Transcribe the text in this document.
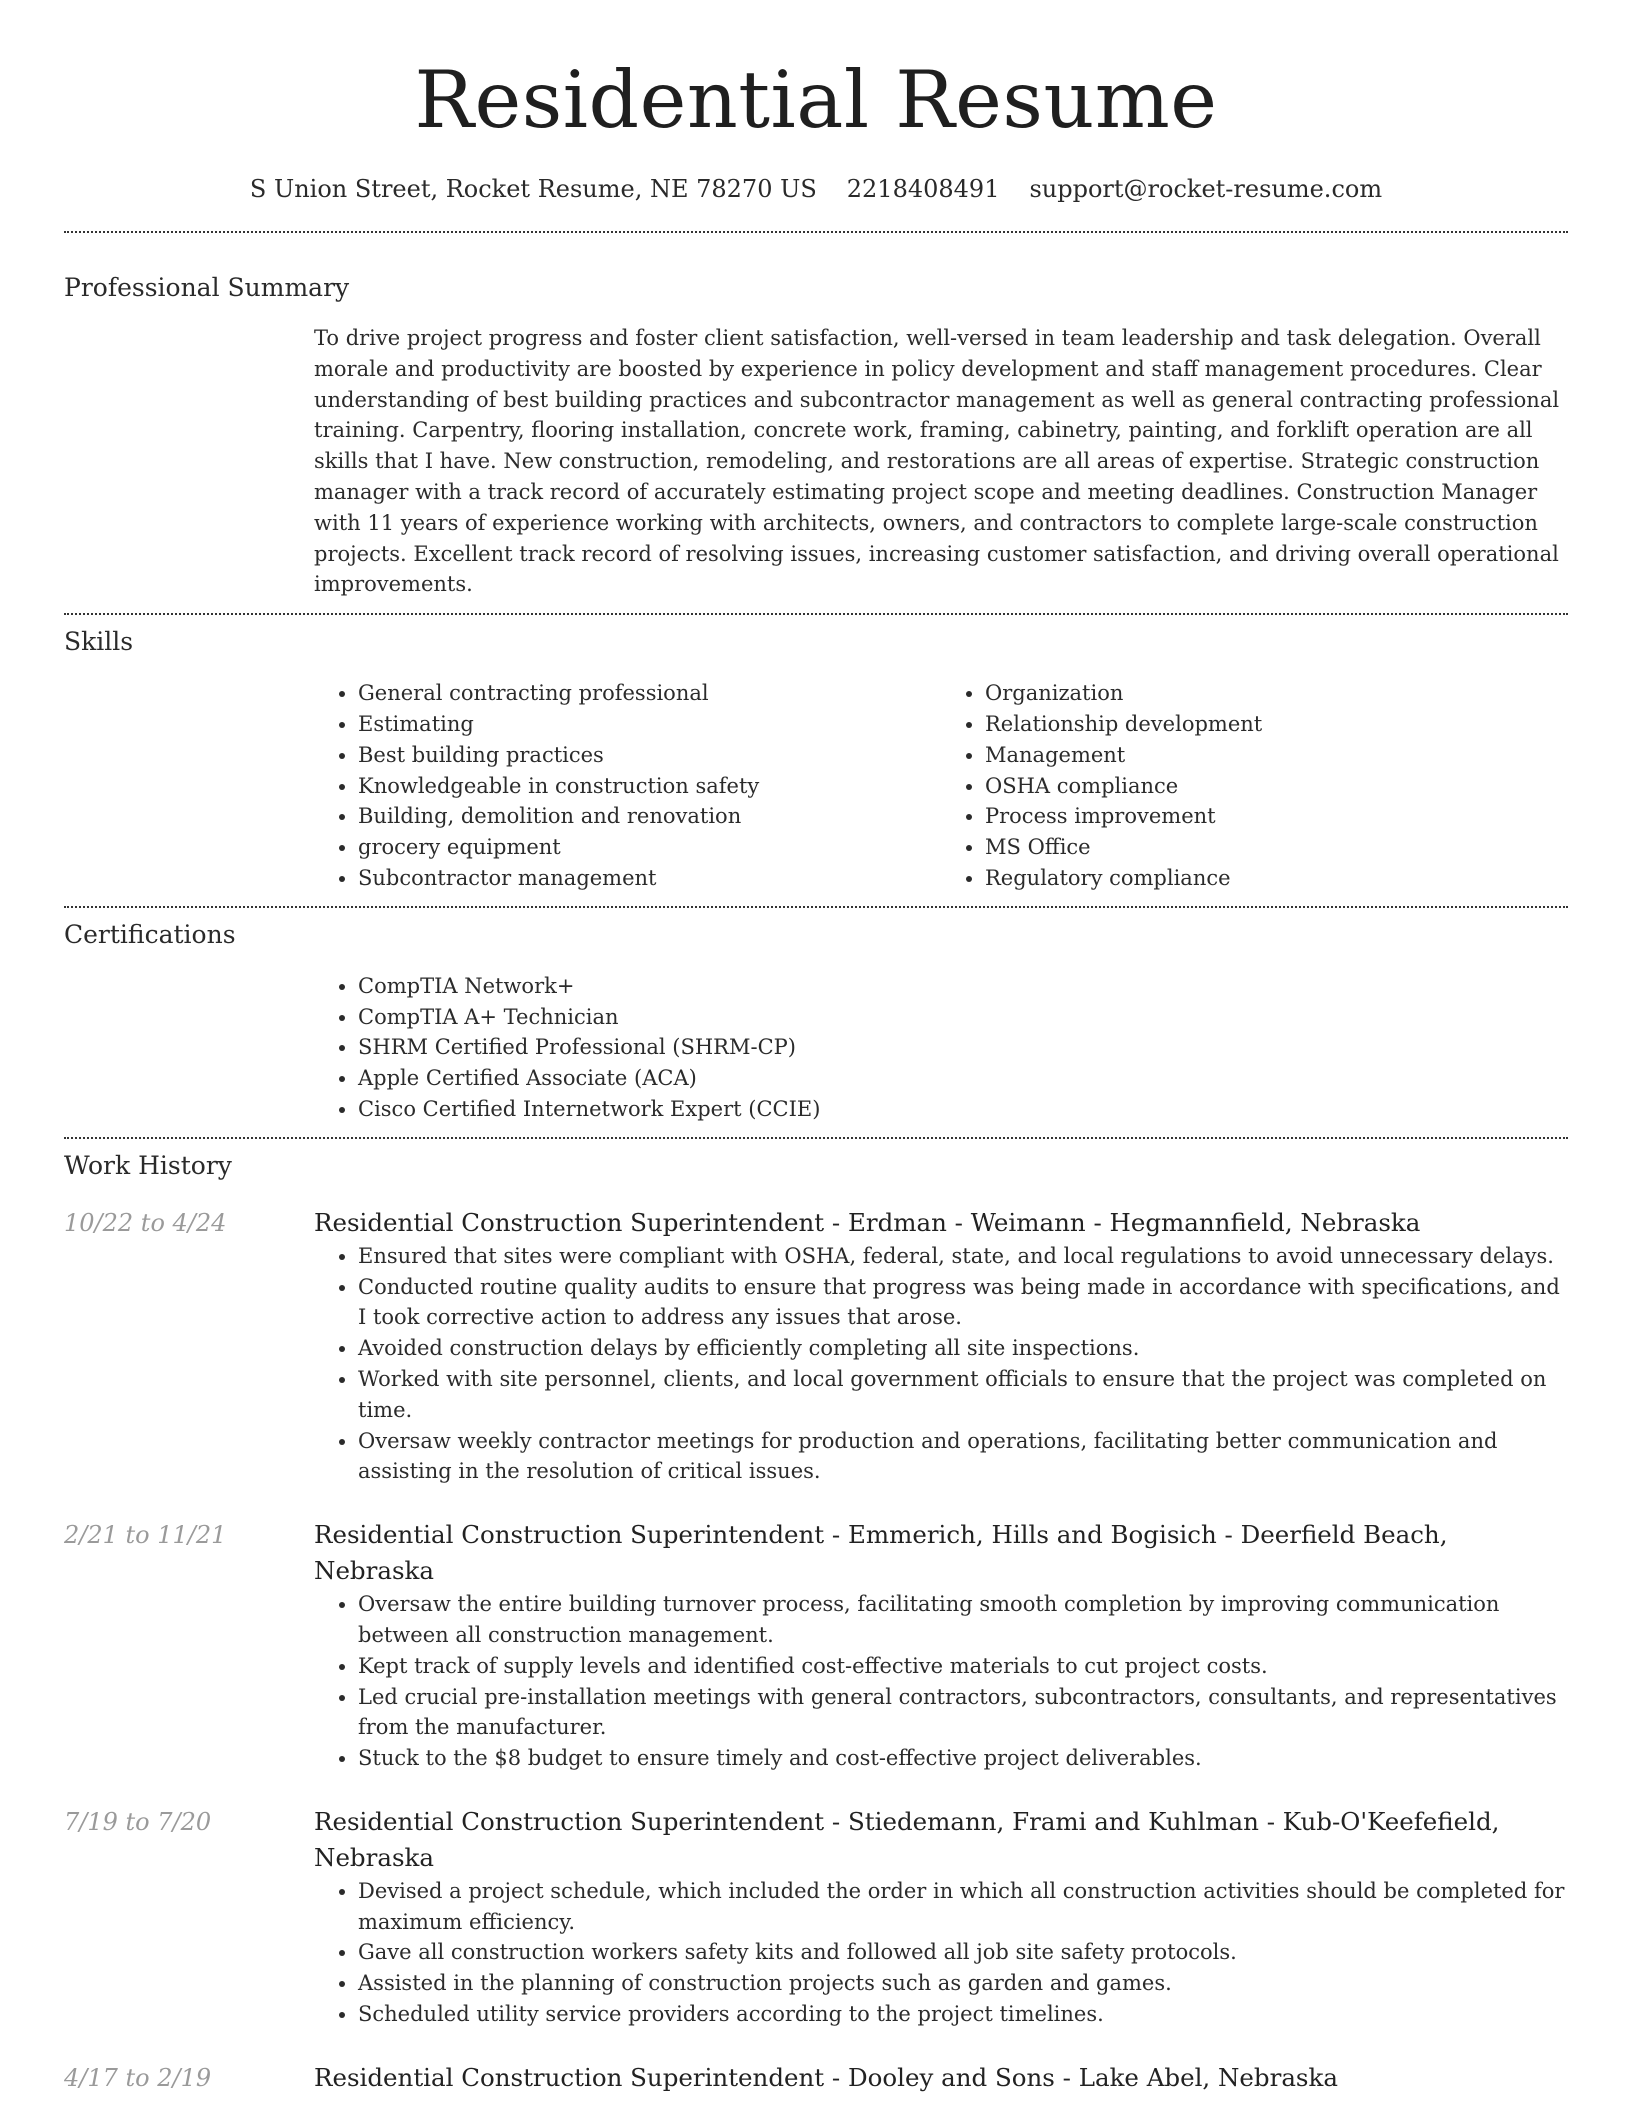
Residential Resume
S Union Street, Rocket Resume, NE 78270 US 2218408491 support@rocket-resume.com
Professional Summary
To drive project progress and foster client satisfaction, well-versed in team leadership and task delegation. Overall morale and productivity are boosted by experience in policy development and staff management procedures. Clear understanding of best building practices and subcontractor management as well as general contracting professional training. Carpentry, flooring installation, concrete work, framing, cabinetry, painting, and forklift operation are all skills that I have. New construction, remodeling, and restorations are all areas of expertise. Strategic construction manager with a track record of accurately estimating project scope and meeting deadlines. Construction Manager with 11 years of experience working with architects, owners, and contractors to complete large-scale construction projects. Excellent track record of resolving issues, increasing customer satisfaction, and driving overall operational improvements.
Skills
• General contracting professional
• Estimating
• Best building practices
• Knowledgeable in construction safety
• Building, demolition and renovation
• grocery equipment
• Subcontractor management
• Organization
• Relationship development
• Management
• OSHA compliance
• Process improvement
• MS Office
• Regulatory compliance
Certifications
• CompTIA Network+
• CompTIA A+ Technician
• SHRM Certified Professional (SHRM-CP)
• Apple Certified Associate (ACA)
• Cisco Certified Internetwork Expert (CCIE)
Work History
10/22 to 4/24	Residential Construction Superintendent - Erdman - Weimann - Hegmannfield, Nebraska
• Ensured that sites were compliant with OSHA, federal, state, and local regulations to avoid unnecessary delays.
• Conducted routine quality audits to ensure that progress was being made in accordance with specifications, and I took corrective action to address any issues that arose.
• Avoided construction delays by efficiently completing all site inspections.
• Worked with site personnel, clients, and local government officials to ensure that the project was completed on time.
• Oversaw weekly contractor meetings for production and operations, facilitating better communication and assisting in the resolution of critical issues.
2/21 to 11/21	Residential Construction Superintendent - Emmerich, Hills and Bogisich - Deerfield Beach, Nebraska
• Oversaw the entire building turnover process, facilitating smooth completion by improving communication between all construction management.
• Kept track of supply levels and identified cost-effective materials to cut project costs.
• Led crucial pre-installation meetings with general contractors, subcontractors, consultants, and representatives from the manufacturer.
• Stuck to the $8 budget to ensure timely and cost-effective project deliverables.
7/19 to 7/20	Residential Construction Superintendent - Stiedemann, Frami and Kuhlman - Kub-O'Keefefield, Nebraska
• Devised a project schedule, which included the order in which all construction activities should be completed for maximum efficiency.
• Gave all construction workers safety kits and followed all job site safety protocols.
• Assisted in the planning of construction projects such as garden and games.
• Scheduled utility service providers according to the project timelines.
4/17 to 2/19	Residential Construction Superintendent - Dooley and Sons - Lake Abel, Nebraska
